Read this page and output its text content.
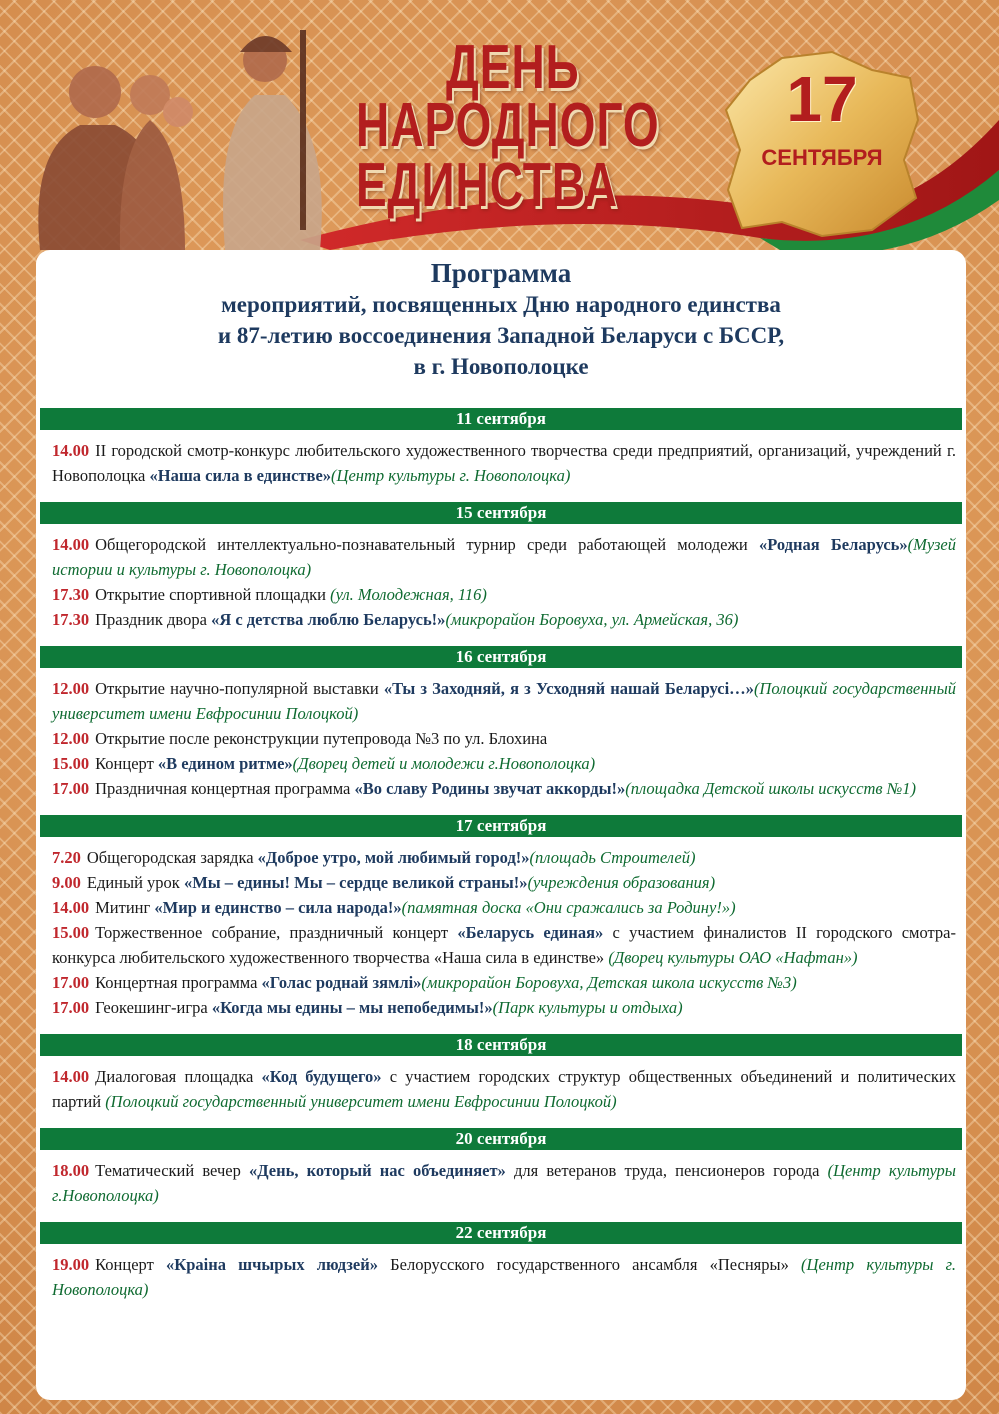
ДЕНЬ
НАРОДНОГО
ЕДИНСТВА
17
СЕНТЯБРЯ
Программа
мероприятий, посвященных Дню народного единства
и 87-летию воссоединения Западной Беларуси с БССР,
в г. Новополоцке
11 сентября
14.00 II городской смотр-конкурс любительского художественного творчества среди предприятий, организаций, учреждений г. Новополоцка «Наша сила в единстве»(Центр культуры г. Новополоцка)
15 сентября
14.00 Общегородской интеллектуально-познавательный турнир среди работающей молодежи «Родная Беларусь»(Музей истории и культуры г. Новополоцка)
17.30 Открытие спортивной площадки (ул. Молодежная, 116)
17.30 Праздник двора «Я с детства люблю Беларусь!»(микрорайон Боровуха, ул. Армейская, 36)
16 сентября
12.00 Открытие научно-популярной выставки «Ты з Заходняй, я з Усходняй нашай Беларусі…»(Полоцкий государственный университет имени Евфросинии Полоцкой)
12.00 Открытие после реконструкции путепровода №3 по ул. Блохина
15.00 Концерт «В едином ритме»(Дворец детей и молодежи г.Новополоцка)
17.00 Праздничная концертная программа «Во славу Родины звучат аккорды!»(площадка Детской школы искусств №1)
17 сентября
7.20 Общегородская зарядка «Доброе утро, мой любимый город!»(площадь Строителей)
9.00 Единый урок «Мы – едины! Мы – сердце великой страны!»(учреждения образования)
14.00 Митинг «Мир и единство – сила народа!»(памятная доска «Они сражались за Родину!»)
15.00 Торжественное собрание, праздничный концерт «Беларусь единая» с участием финалистов II городского смотра-конкурса любительского художественного творчества «Наша сила в единстве» (Дворец культуры ОАО «Нафтан»)
17.00 Концертная программа «Голас роднай зямлі»(микрорайон Боровуха, Детская школа искусств №3)
17.00 Геокешинг-игра «Когда мы едины – мы непобедимы!»(Парк культуры и отдыха)
18 сентября
14.00 Диалоговая площадка «Код будущего» с участием городских структур общественных объединений и политических партий (Полоцкий государственный университет имени Евфросинии Полоцкой)
20 сентября
18.00 Тематический вечер «День, который нас объединяет» для ветеранов труда, пенсионеров города (Центр культуры г.Новополоцка)
22 сентября
19.00 Концерт «Краіна шчырых людзей» Белорусского государственного ансамбля «Песняры» (Центр культуры г. Новополоцка)
